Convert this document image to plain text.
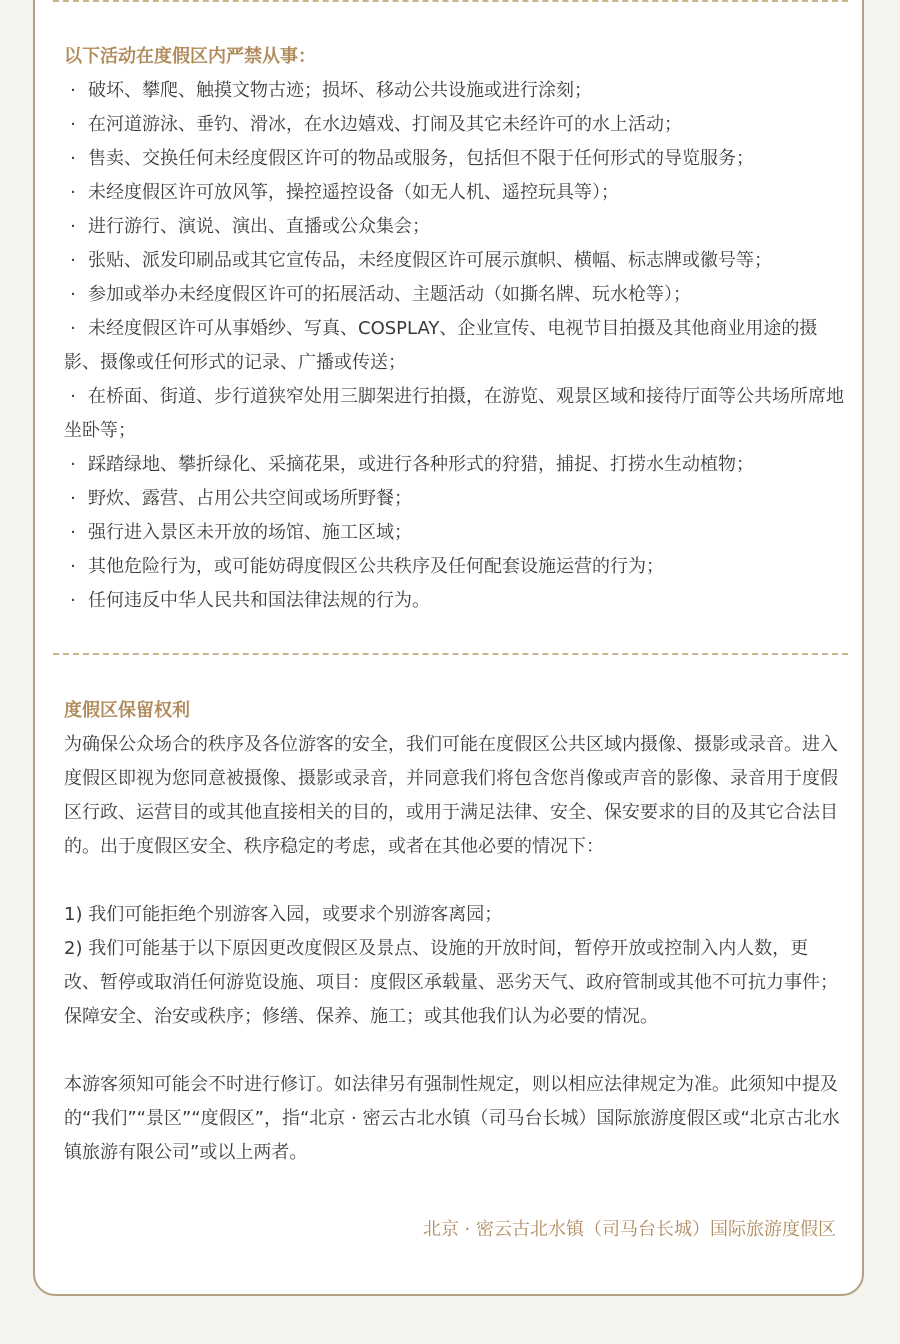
以下活动在度假区内严禁从事：
· 破坏、攀爬、触摸文物古迹；损坏、移动公共设施或进行涂刻；
· 在河道游泳、垂钓、滑冰，在水边嬉戏、打闹及其它未经许可的水上活动；
· 售卖、交换任何未经度假区许可的物品或服务，包括但不限于任何形式的导览服务；
· 未经度假区许可放风筝，操控遥控设备（如无人机、遥控玩具等）；
· 进行游行、演说、演出、直播或公众集会；
· 张贴、派发印刷品或其它宣传品，未经度假区许可展示旗帜、横幅、标志牌或徽号等；
· 参加或举办未经度假区许可的拓展活动、主题活动（如撕名牌、玩水枪等）；
· 未经度假区许可从事婚纱、写真、COSPLAY、企业宣传、电视节目拍摄及其他商业用途的摄影、摄像或任何形式的记录、广播或传送；
· 在桥面、街道、步行道狭窄处用三脚架进行拍摄，在游览、观景区域和接待厅面等公共场所席地坐卧等；
· 踩踏绿地、攀折绿化、采摘花果，或进行各种形式的狩猎，捕捉、打捞水生动植物；
· 野炊、露营、占用公共空间或场所野餐；
· 强行进入景区未开放的场馆、施工区域；
· 其他危险行为，或可能妨碍度假区公共秩序及任何配套设施运营的行为；
· 任何违反中华人民共和国法律法规的行为。
度假区保留权利

为确保公众场合的秩序及各位游客的安全，我们可能在度假区公共区域内摄像、摄影或录音。进入度假区即视为您同意被摄像、摄影或录音，并同意我们将包含您肖像或声音的影像、录音用于度假区行政、运营目的或其他直接相关的目的，或用于满足法律、安全、保安要求的目的及其它合法目的。出于度假区安全、秩序稳定的考虑，或者在其他必要的情况下：

1) 我们可能拒绝个别游客入园，或要求个别游客离园；

2) 我们可能基于以下原因更改度假区及景点、设施的开放时间，暂停开放或控制入内人数，更改、暂停或取消任何游览设施、项目：度假区承载量、恶劣天气、政府管制或其他不可抗力事件；保障安全、治安或秩序；修缮、保养、施工；或其他我们认为必要的情况。

本游客须知可能会不时进行修订。如法律另有强制性规定，则以相应法律规定为准。此须知中提及的“我们”“景区”“度假区”，指“北京 · 密云古北水镇（司马台长城）国际旅游度假区或“北京古北水镇旅游有限公司”或以上两者。

北京 · 密云古北水镇（司马台长城）国际旅游度假区
